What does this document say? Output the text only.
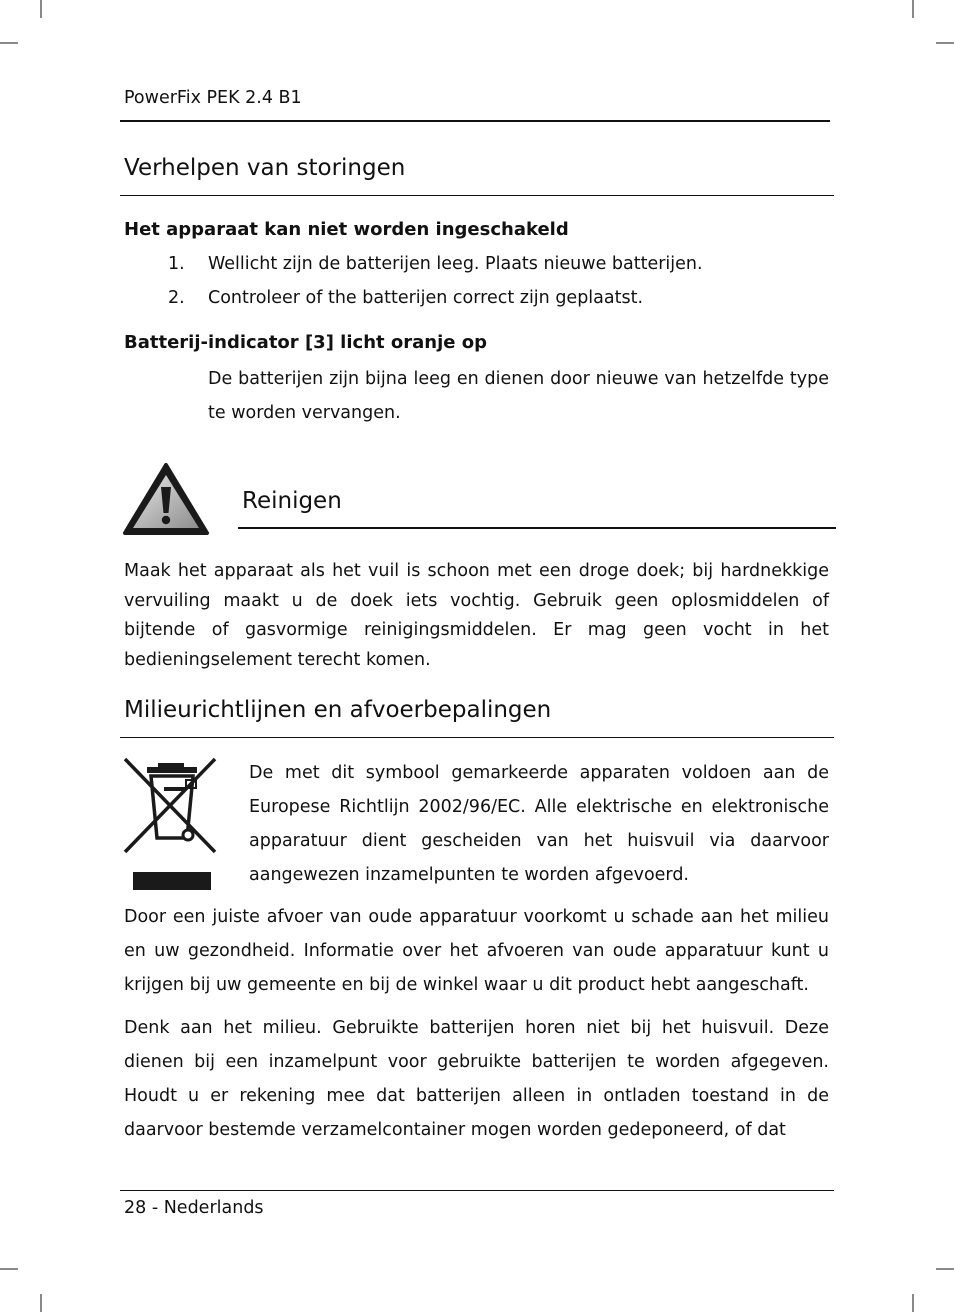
PowerFix PEK 2.4 B1
Verhelpen van storingen
Het apparaat kan niet worden ingeschakeld
1. Wellicht zijn de batterijen leeg. Plaats nieuwe batterijen.
2. Controleer of the batterijen correct zijn geplaatst.
Batterij-indicator [3] licht oranje op

De batterijen zijn bijna leeg en dienen door nieuwe van hetzelfde type te worden vervangen.

Reinigen

Maak het apparaat als het vuil is schoon met een droge doek; bij hardnekkige vervuiling maakt u de doek iets vochtig. Gebruik geen oplosmiddelen of bijtende of gasvormige reinigingsmiddelen. Er mag geen vocht in het bedieningselement terecht komen.

Milieurichtlijnen en afvoerbepalingen

De met dit symbool gemarkeerde apparaten voldoen aan de Europese Richtlijn 2002/96/EC. Alle elektrische en elektronische apparatuur dient gescheiden van het huisvuil via daarvoor aangewezen inzamelpunten te worden afgevoerd.

Door een juiste afvoer van oude apparatuur voorkomt u schade aan het milieu en uw gezondheid. Informatie over het afvoeren van oude apparatuur kunt u krijgen bij uw gemeente en bij de winkel waar u dit product hebt aangeschaft.

Denk aan het milieu. Gebruikte batterijen horen niet bij het huisvuil. Deze dienen bij een inzamelpunt voor gebruikte batterijen te worden afgegeven. Houdt u er rekening mee dat batterijen alleen in ontladen toestand in de daarvoor bestemde verzamelcontainer mogen worden gedeponeerd, of dat

28 - Nederlands
